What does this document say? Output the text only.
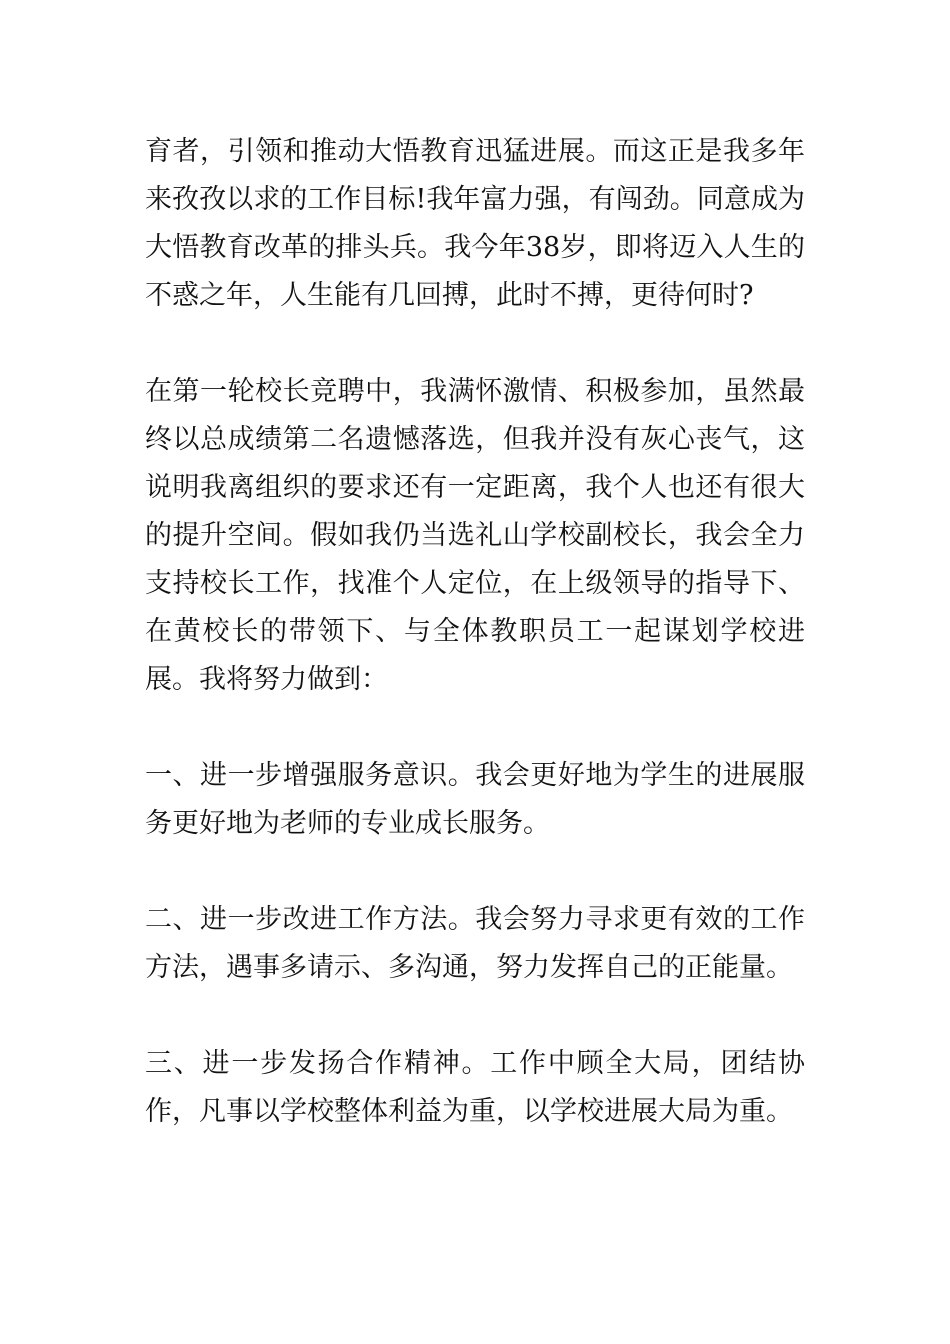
育者，引领和推动大悟教育迅猛进展。而这正是我多年来孜孜以求的工作目标!我年富力强，有闯劲。同意成为大悟教育改革的排头兵。我今年38岁，即将迈入人生的不惑之年，人生能有几回搏，此时不搏，更待何时?

在第一轮校长竞聘中，我满怀激情、积极参加，虽然最终以总成绩第二名遗憾落选，但我并没有灰心丧气，这说明我离组织的要求还有一定距离，我个人也还有很大的提升空间。假如我仍当选礼山学校副校长，我会全力支持校长工作，找准个人定位，在上级领导的指导下、在黄校长的带领下、与全体教职员工一起谋划学校进展。我将努力做到：

一、进一步增强服务意识。我会更好地为学生的进展服务更好地为老师的专业成长服务。

二、进一步改进工作方法。我会努力寻求更有效的工作方法，遇事多请示、多沟通，努力发挥自己的正能量。

三、进一步发扬合作精神。工作中顾全大局，团结协作，凡事以学校整体利益为重，以学校进展大局为重。
